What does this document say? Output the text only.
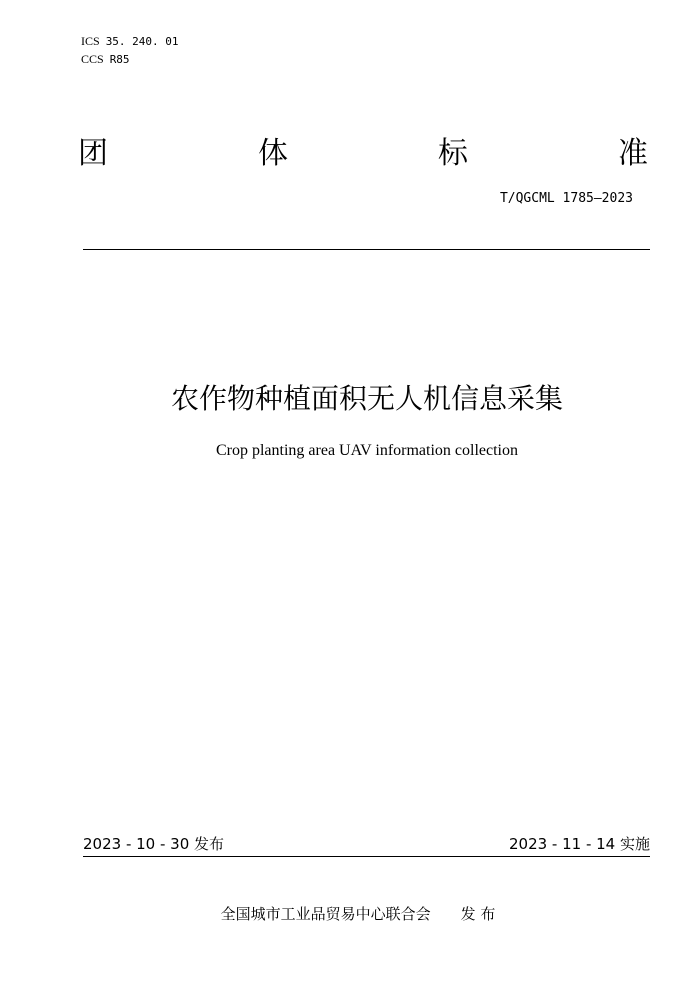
ICS 35. 240. 01
CCS R85
团	体	标	准
T/QGCML 1785—2023
农作物种植面积无人机信息采集
Crop planting area UAV information collection
2023 - 10 - 30 发布	2023 - 11 - 14 实施
全国城市工业品贸易中心联合会 发 布
